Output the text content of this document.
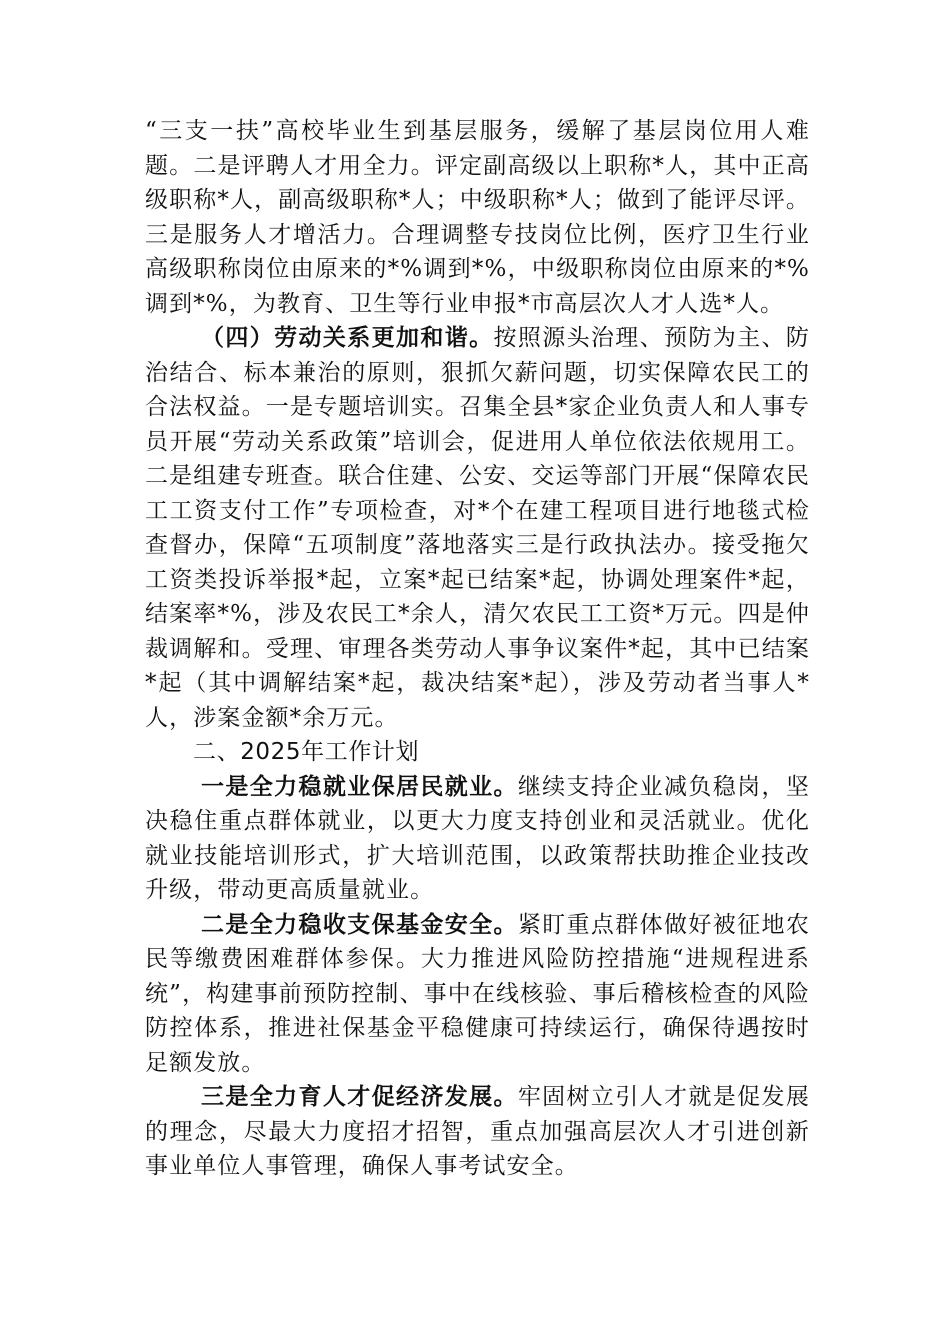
“三支一扶”高校毕业生到基层服务，缓解了基层岗位用人难题。二是评聘人才用全力。评定副高级以上职称*人，其中正高级职称*人，副高级职称*人；中级职称*人；做到了能评尽评。三是服务人才增活力。合理调整专技岗位比例，医疗卫生行业高级职称岗位由原来的*%调到*%，中级职称岗位由原来的*%调到*%，为教育、卫生等行业申报*市高层次人才人选*人。

（四）劳动关系更加和谐。按照源头治理、预防为主、防治结合、标本兼治的原则，狠抓欠薪问题，切实保障农民工的合法权益。一是专题培训实。召集全县*家企业负责人和人事专员开展“劳动关系政策”培训会，促进用人单位依法依规用工。二是组建专班查。联合住建、公安、交运等部门开展“保障农民工工资支付工作”专项检查，对*个在建工程项目进行地毯式检查督办，保障“五项制度”落地落实三是行政执法办。接受拖欠工资类投诉举报*起，立案*起已结案*起，协调处理案件*起，结案率*%，涉及农民工*余人，清欠农民工工资*万元。四是仲裁调解和。受理、审理各类劳动人事争议案件*起，其中已结案*起（其中调解结案*起，裁决结案*起），涉及劳动者当事人*人，涉案金额*余万元。

二、2025年工作计划

一是全力稳就业保居民就业。继续支持企业减负稳岗，坚决稳住重点群体就业，以更大力度支持创业和灵活就业。优化就业技能培训形式，扩大培训范围，以政策帮扶助推企业技改升级，带动更高质量就业。

二是全力稳收支保基金安全。紧盯重点群体做好被征地农民等缴费困难群体参保。大力推进风险防控措施“进规程进系统”，构建事前预防控制、事中在线核验、事后稽核检查的风险防控体系，推进社保基金平稳健康可持续运行，确保待遇按时足额发放。

三是全力育人才促经济发展。牢固树立引人才就是促发展的理念，尽最大力度招才招智，重点加强高层次人才引进创新事业单位人事管理，确保人事考试安全。
